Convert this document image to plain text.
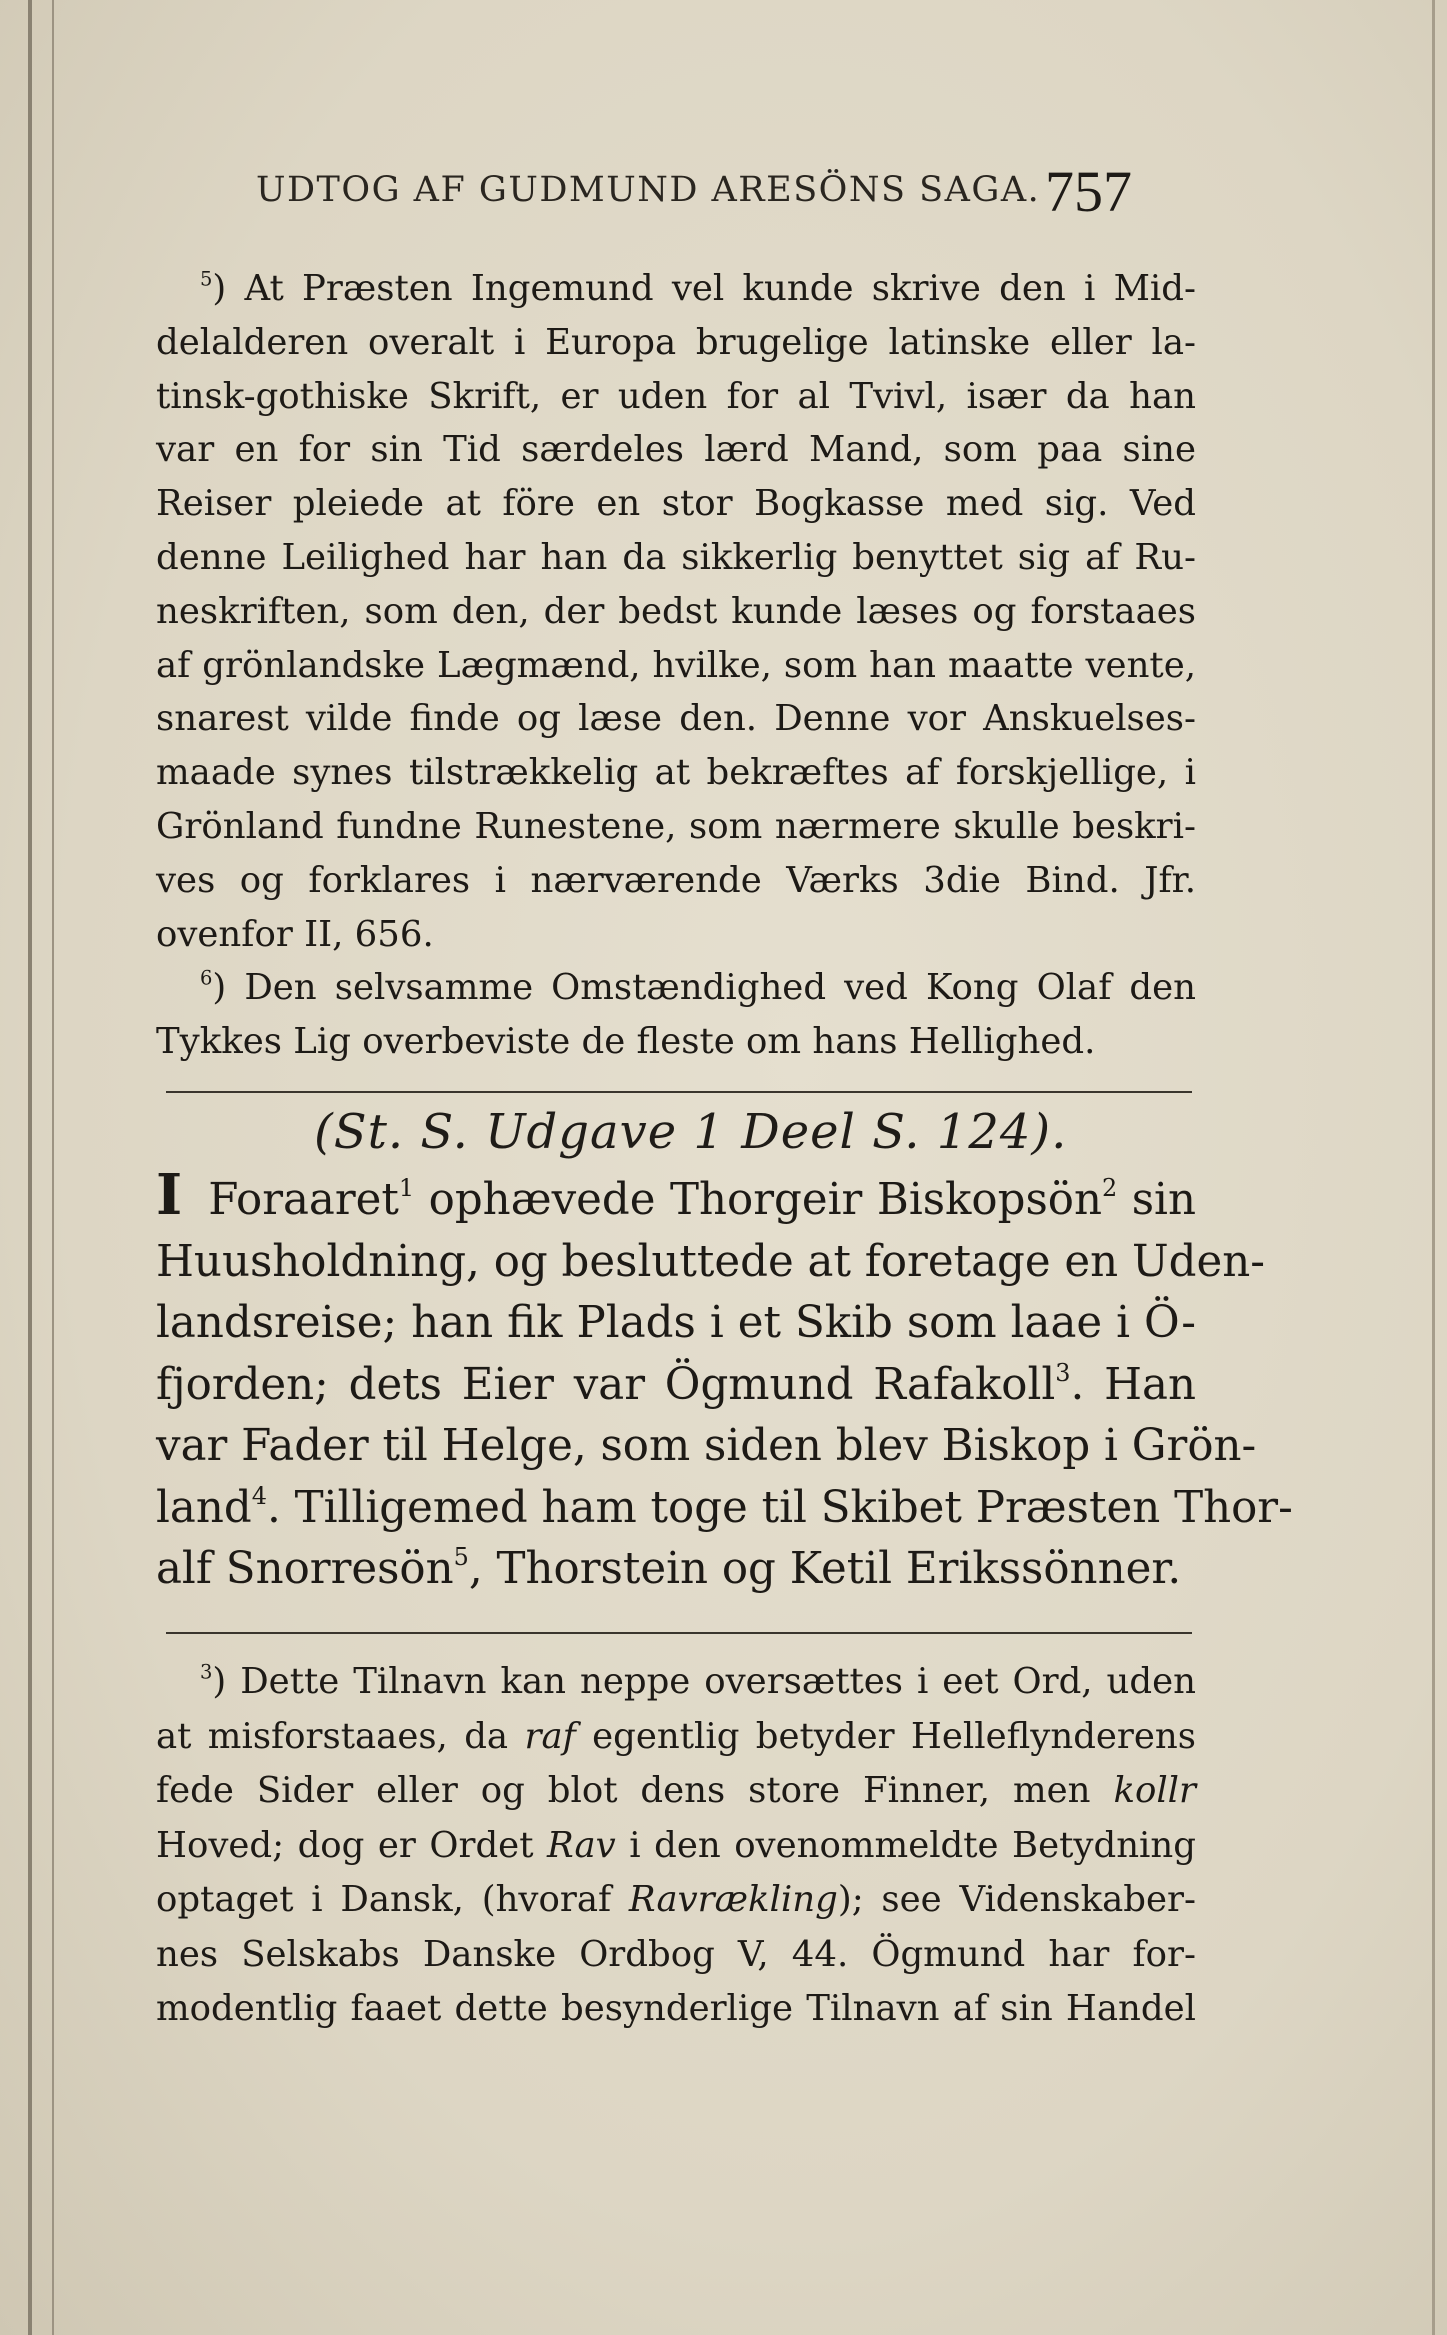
UDTOG AF GUDMUND ARESÖNS SAGA. 757
$^5$) At Præsten Ingemund vel kunde skrive den i Mid-
delalderen overalt i Europa brugelige latinske eller la-
tinsk-gothiske Skrift, er uden for al Tvivl, især da han
var en for sin Tid særdeles lærd Mand, som paa sine
Reiser pleiede at före en stor Bogkasse med sig. Ved
denne Leilighed har han da sikkerlig benyttet sig af Ru-
neskriften, som den, der bedst kunde læses og forstaaes
af grönlandske Lægmænd, hvilke, som han maatte vente,
snarest vilde finde og læse den. Denne vor Anskuelses-
maade synes tilstrækkelig at bekræftes af forskjellige, i
Grönland fundne Runestene, som nærmere skulle beskri-
ves og forklares i nærværende Værks 3die Bind. Jfr.
ovenfor II, 656.
$^6$) Den selvsamme Omstændighed ved Kong Olaf den
Tykkes Lig overbeviste de fleste om hans Hellighed.
(St. S. Udgave 1 Deel S. 124).
I Foraaret$^1$ ophævede Thorgeir Biskopsön$^2$ sin
Huusholdning, og besluttede at foretage en Uden-
landsreise; han fik Plads i et Skib som laae i Ö-
fjorden; dets Eier var Ögmund Rafakoll$^3$. Han
var Fader til Helge, som siden blev Biskop i Grön-
land$^4$. Tilligemed ham toge til Skibet Præsten Thor-
alf Snorresön$^5$, Thorstein og Ketil Erikssönner.
$^3$) Dette Tilnavn kan neppe oversættes i eet Ord, uden
at misforstaaes, da raf egentlig betyder Helleflynderens
fede Sider eller og blot dens store Finner, men kollr
Hoved; dog er Ordet Rav i den ovenommeldte Betydning
optaget i Dansk, (hvoraf Ravrækling); see Videnskaber-
nes Selskabs Danske Ordbog V, 44. Ögmund har for-
modentlig faaet dette besynderlige Tilnavn af sin Handel
